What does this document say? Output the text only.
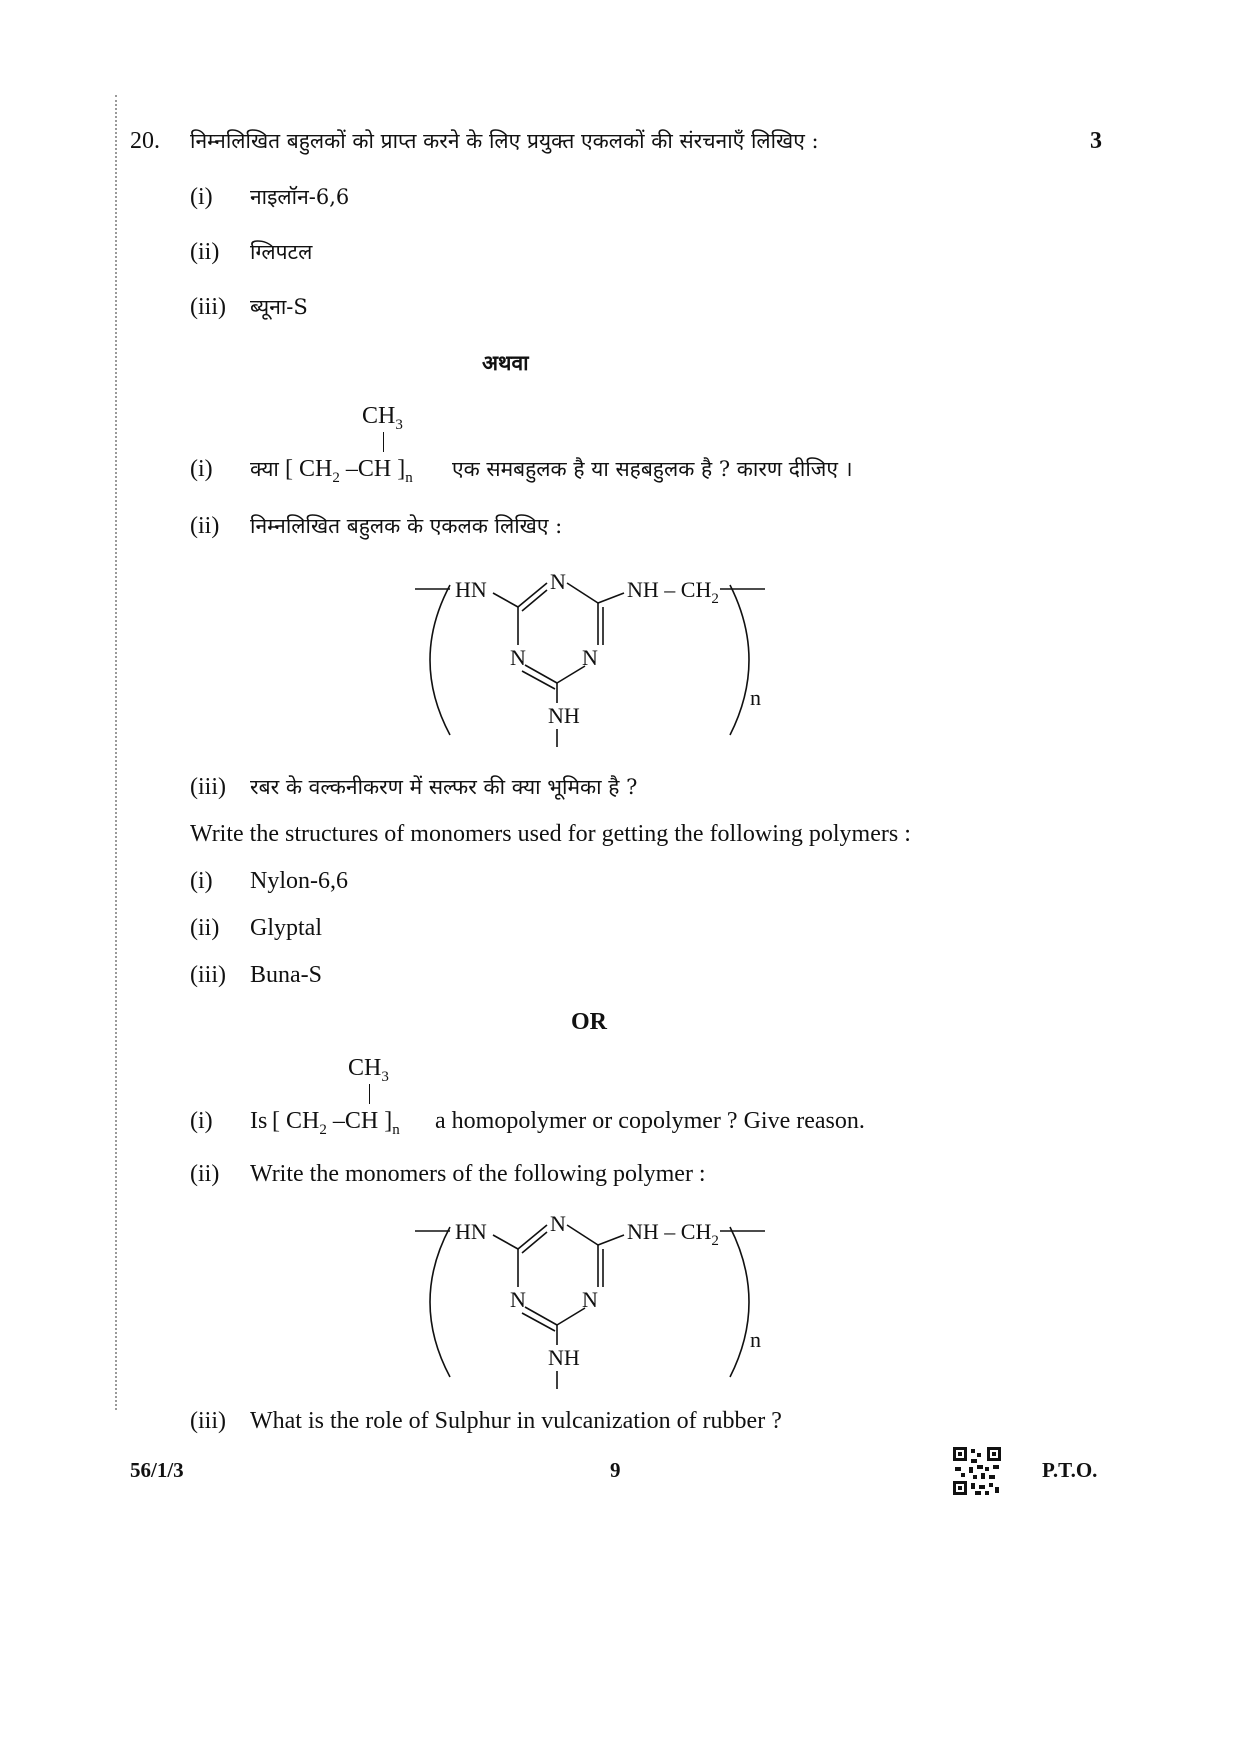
20. निम्नलिखित बहुलकों को प्राप्त करने के लिए प्रयुक्त एकलकों की संरचनाएँ लिखिए :	3
(i) नाइलॉन-6,6
(ii) ग्लिपटल
(iii) ब्यूना-S
अथवा
$CH_3$
(i) क्या [ $CH_2$ –CH ]$_n$ एक समबहुलक है या सहबहुलक है ? कारण दीजिए ।
(ii) निम्नलिखित बहुलक के एकलक लिखिए :
HN	N	NH – $CH_2$
N	N
NH
n
(iii) रबर के वल्कनीकरण में सल्फर की क्या भूमिका है ?
Write the structures of monomers used for getting the following polymers :
(i) Nylon-6,6
(ii) Glyptal
(iii) Buna-S
OR
$CH_3$
(i) Is [ $CH_2$ –CH ]$_n$ a homopolymer or copolymer ? Give reason.
(ii) Write the monomers of the following polymer :
HN	N	NH – $CH_2$
N	N
NH
n
(iii) What is the role of Sulphur in vulcanization of rubber ?
56/1/3	9	P.T.O.
